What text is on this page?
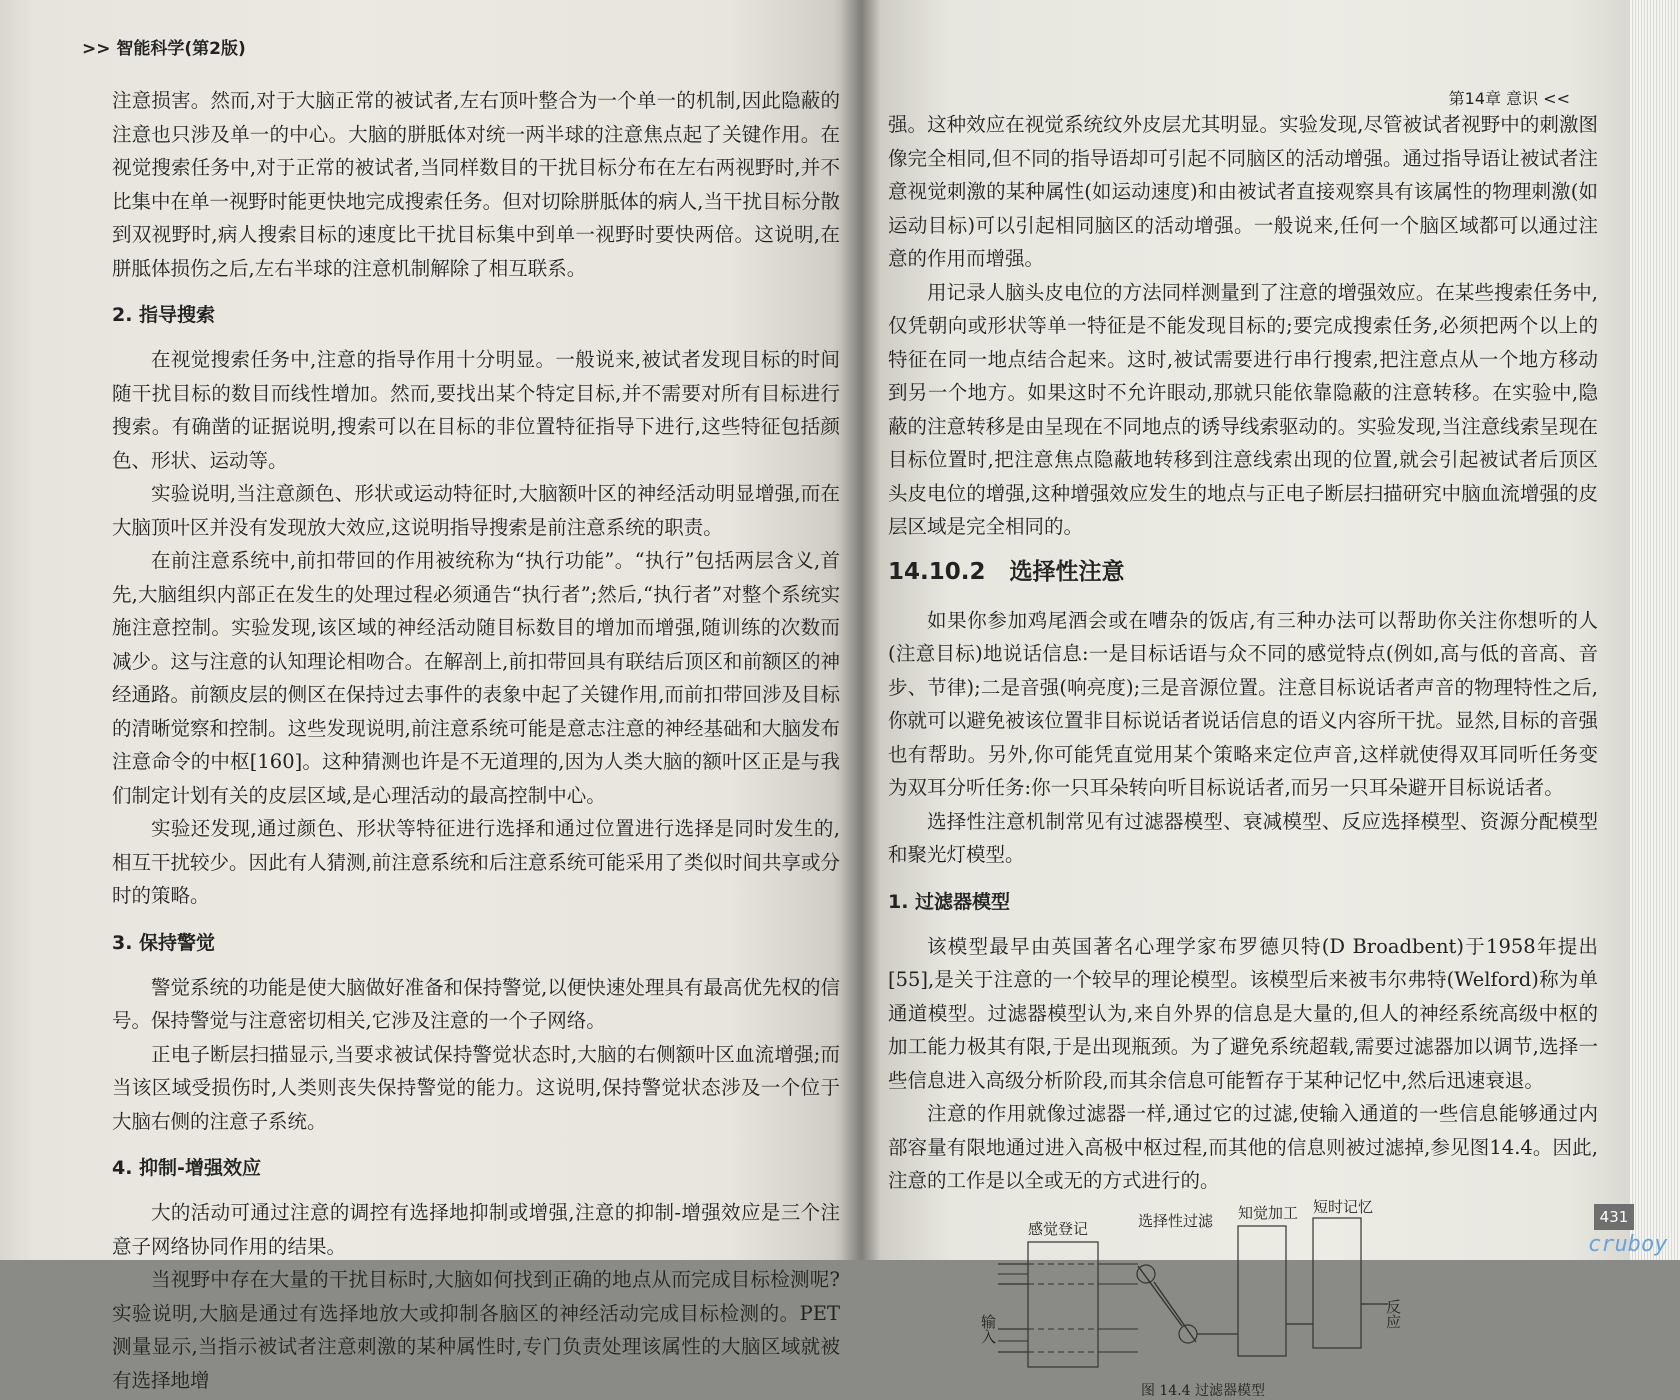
>> 智能科学(第2版)

注意损害。然而,对于大脑正常的被试者,左右顶叶整合为一个单一的机制,因此隐蔽的注意也只涉及单一的中心。大脑的胼胝体对统一两半球的注意焦点起了关键作用。在视觉搜索任务中,对于正常的被试者,当同样数目的干扰目标分布在左右两视野时,并不比集中在单一视野时能更快地完成搜索任务。但对切除胼胝体的病人,当干扰目标分散到双视野时,病人搜索目标的速度比干扰目标集中到单一视野时要快两倍。这说明,在胼胝体损伤之后,左右半球的注意机制解除了相互联系。

2. 指导搜索

在视觉搜索任务中,注意的指导作用十分明显。一般说来,被试者发现目标的时间随干扰目标的数目而线性增加。然而,要找出某个特定目标,并不需要对所有目标进行搜索。有确凿的证据说明,搜索可以在目标的非位置特征指导下进行,这些特征包括颜色、形状、运动等。

实验说明,当注意颜色、形状或运动特征时,大脑额叶区的神经活动明显增强,而在大脑顶叶区并没有发现放大效应,这说明指导搜索是前注意系统的职责。

在前注意系统中,前扣带回的作用被统称为“执行功能”。“执行”包括两层含义,首先,大脑组织内部正在发生的处理过程必须通告“执行者”;然后,“执行者”对整个系统实施注意控制。实验发现,该区域的神经活动随目标数目的增加而增强,随训练的次数而减少。这与注意的认知理论相吻合。在解剖上,前扣带回具有联结后顶区和前额区的神经通路。前额皮层的侧区在保持过去事件的表象中起了关键作用,而前扣带回涉及目标的清晰觉察和控制。这些发现说明,前注意系统可能是意志注意的神经基础和大脑发布注意命令的中枢[160]。这种猜测也许是不无道理的,因为人类大脑的额叶区正是与我们制定计划有关的皮层区域,是心理活动的最高控制中心。

实验还发现,通过颜色、形状等特征进行选择和通过位置进行选择是同时发生的,相互干扰较少。因此有人猜测,前注意系统和后注意系统可能采用了类似时间共享或分时的策略。

3. 保持警觉

警觉系统的功能是使大脑做好准备和保持警觉,以便快速处理具有最高优先权的信号。保持警觉与注意密切相关,它涉及注意的一个子网络。

正电子断层扫描显示,当要求被试保持警觉状态时,大脑的右侧额叶区血流增强;而当该区域受损伤时,人类则丧失保持警觉的能力。这说明,保持警觉状态涉及一个位于大脑右侧的注意子系统。

4. 抑制-增强效应

大的活动可通过注意的调控有选择地抑制或增强,注意的抑制-增强效应是三个注意子网络协同作用的结果。

当视野中存在大量的干扰目标时,大脑如何找到正确的地点从而完成目标检测呢?实验说明,大脑是通过有选择地放大或抑制各脑区的神经活动完成目标检测的。PET测量显示,当指示被试者注意刺激的某种属性时,专门负责处理该属性的大脑区域就被有选择地增

第14章 意识 <<

强。这种效应在视觉系统纹外皮层尤其明显。实验发现,尽管被试者视野中的刺激图像完全相同,但不同的指导语却可引起不同脑区的活动增强。通过指导语让被试者注意视觉刺激的某种属性(如运动速度)和由被试者直接观察具有该属性的物理刺激(如运动目标)可以引起相同脑区的活动增强。一般说来,任何一个脑区域都可以通过注意的作用而增强。

用记录人脑头皮电位的方法同样测量到了注意的增强效应。在某些搜索任务中,仅凭朝向或形状等单一特征是不能发现目标的;要完成搜索任务,必须把两个以上的特征在同一地点结合起来。这时,被试需要进行串行搜索,把注意点从一个地方移动到另一个地方。如果这时不允许眼动,那就只能依靠隐蔽的注意转移。在实验中,隐蔽的注意转移是由呈现在不同地点的诱导线索驱动的。实验发现,当注意线索呈现在目标位置时,把注意焦点隐蔽地转移到注意线索出现的位置,就会引起被试者后顶区头皮电位的增强,这种增强效应发生的地点与正电子断层扫描研究中脑血流增强的皮层区域是完全相同的。

14.10.2 选择性注意

如果你参加鸡尾酒会或在嘈杂的饭店,有三种办法可以帮助你关注你想听的人(注意目标)地说话信息:一是目标话语与众不同的感觉特点(例如,高与低的音高、音步、节律);二是音强(响亮度);三是音源位置。注意目标说话者声音的物理特性之后,你就可以避免被该位置非目标说话者说话信息的语义内容所干扰。显然,目标的音强也有帮助。另外,你可能凭直觉用某个策略来定位声音,这样就使得双耳同听任务变为双耳分听任务:你一只耳朵转向听目标说话者,而另一只耳朵避开目标说话者。

选择性注意机制常见有过滤器模型、衰减模型、反应选择模型、资源分配模型和聚光灯模型。

1. 过滤器模型

该模型最早由英国著名心理学家布罗德贝特(D Broadbent)于1958年提出[55],是关于注意的一个较早的理论模型。该模型后来被韦尔弗特(Welford)称为单通道模型。过滤器模型认为,来自外界的信息是大量的,但人的神经系统高级中枢的加工能力极其有限,于是出现瓶颈。为了避免系统超载,需要过滤器加以调节,选择一些信息进入高级分析阶段,而其余信息可能暂存于某种记忆中,然后迅速衰退。

注意的作用就像过滤器一样,通过它的过滤,使输入通道的一些信息能够通过内部容量有限地通过进入高极中枢过程,而其他的信息则被过滤掉,参见图14.4。因此,注意的工作是以全或无的方式进行的。

感觉登记	选择性过滤 知觉加工 短时记忆
输入	反应
图 14.4 过滤器模型
431
cruboy
